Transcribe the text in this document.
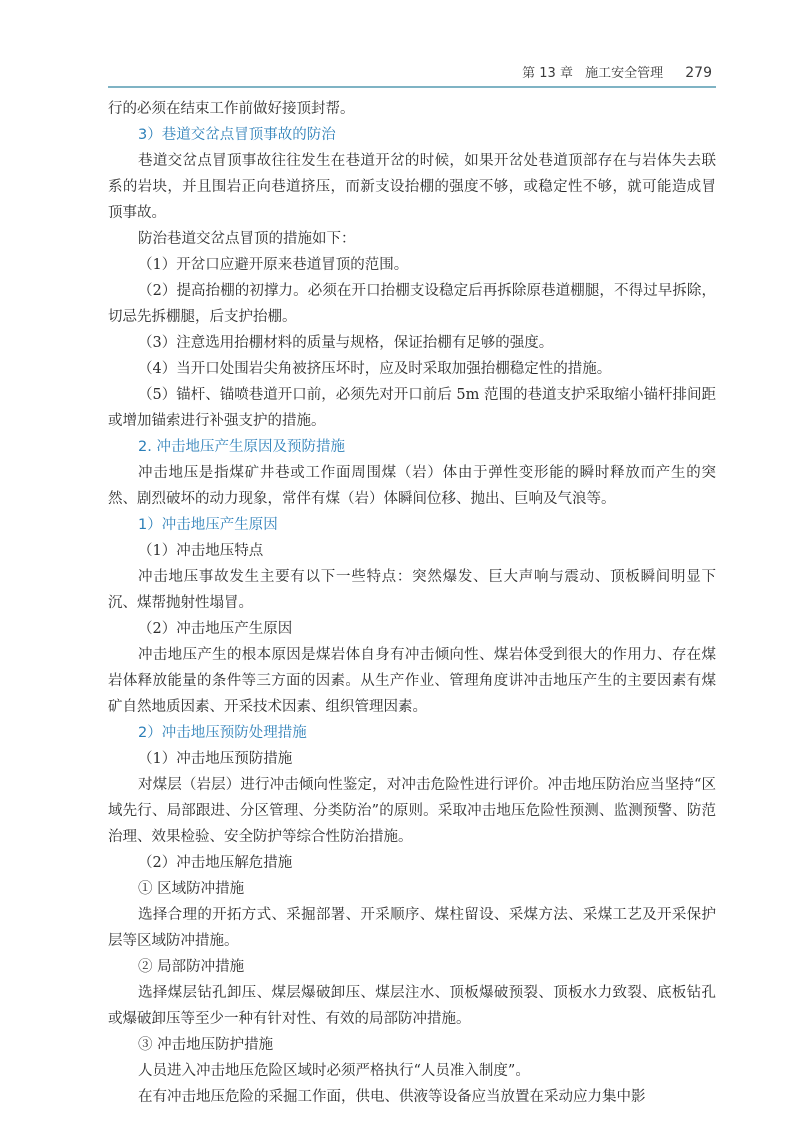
第 13 章 施工安全管理 279

行的必须在结束工作前做好接顶封帮。

3）巷道交岔点冒顶事故的防治

巷道交岔点冒顶事故往往发生在巷道开岔的时候，如果开岔处巷道顶部存在与岩体失去联系的岩块，并且围岩正向巷道挤压，而新支设抬棚的强度不够，或稳定性不够，就可能造成冒顶事故。

防治巷道交岔点冒顶的措施如下：

（1）开岔口应避开原来巷道冒顶的范围。

（2）提高抬棚的初撑力。必须在开口抬棚支设稳定后再拆除原巷道棚腿，不得过早拆除，切忌先拆棚腿，后支护抬棚。

（3）注意选用抬棚材料的质量与规格，保证抬棚有足够的强度。

（4）当开口处围岩尖角被挤压坏时，应及时采取加强抬棚稳定性的措施。

（5）锚杆、锚喷巷道开口前，必须先对开口前后 5m 范围的巷道支护采取缩小锚杆排间距或增加锚索进行补强支护的措施。

2. 冲击地压产生原因及预防措施

冲击地压是指煤矿井巷或工作面周围煤（岩）体由于弹性变形能的瞬时释放而产生的突然、剧烈破坏的动力现象，常伴有煤（岩）体瞬间位移、抛出、巨响及气浪等。

1）冲击地压产生原因

（1）冲击地压特点

冲击地压事故发生主要有以下一些特点：突然爆发、巨大声响与震动、顶板瞬间明显下沉、煤帮抛射性塌冒。

（2）冲击地压产生原因

冲击地压产生的根本原因是煤岩体自身有冲击倾向性、煤岩体受到很大的作用力、存在煤岩体释放能量的条件等三方面的因素。从生产作业、管理角度讲冲击地压产生的主要因素有煤矿自然地质因素、开采技术因素、组织管理因素。

2）冲击地压预防处理措施

（1）冲击地压预防措施

对煤层（岩层）进行冲击倾向性鉴定，对冲击危险性进行评价。冲击地压防治应当坚持“区域先行、局部跟进、分区管理、分类防治”的原则。采取冲击地压危险性预测、监测预警、防范治理、效果检验、安全防护等综合性防治措施。

（2）冲击地压解危措施

① 区域防冲措施

选择合理的开拓方式、采掘部署、开采顺序、煤柱留设、采煤方法、采煤工艺及开采保护层等区域防冲措施。

② 局部防冲措施

选择煤层钻孔卸压、煤层爆破卸压、煤层注水、顶板爆破预裂、顶板水力致裂、底板钻孔或爆破卸压等至少一种有针对性、有效的局部防冲措施。

③ 冲击地压防护措施

人员进入冲击地压危险区域时必须严格执行“人员准入制度”。

在有冲击地压危险的采掘工作面，供电、供液等设备应当放置在采动应力集中影
